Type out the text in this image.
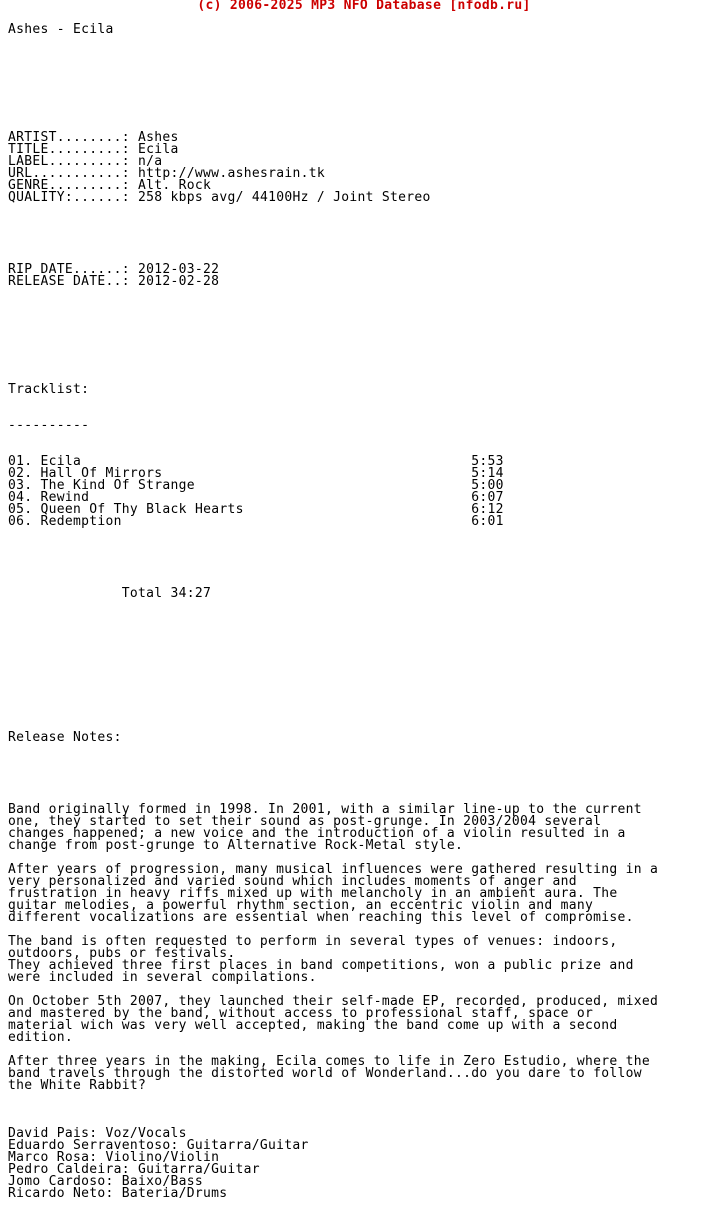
(c) 2006-2025 MP3 NFO Database [nfodb.ru]

Ashes - Ecila

ARTIST........: Ashes
TITLE.........: Ecila
LABEL.........: n/a
URL...........: http://www.ashesrain.tk
GENRE.........: Alt. Rock
QUALITY:......: 258 kbps avg/ 44100Hz / Joint Stereo

RIP DATE......: 2012-03-22
RELEASE DATE..: 2012-02-28

Tracklist:

----------

01. Ecila	5:53
02. Hall Of Mirrors	5:14
03. The Kind Of Strange	5:00
04. Rewind	6:07
05. Queen Of Thy Black Hearts	6:12
06. Redemption	6:01

Total 34:27

Release Notes:

Band originally formed in 1998. In 2001, with a similar line-up to the current
one, they started to set their sound as post-grunge. In 2003/2004 several
changes happened; a new voice and the introduction of a violin resulted in a
change from post-grunge to Alternative Rock-Metal style.
After years of progression, many musical influences were gathered resulting in a
very personalized and varied sound which includes moments of anger and
frustration in heavy riffs mixed up with melancholy in an ambient aura. The
guitar melodies, a powerful rhythm section, an eccentric violin and many
different vocalizations are essential when reaching this level of compromise.
The band is often requested to perform in several types of venues: indoors,
outdoors, pubs or festivals.
They achieved three first places in band competitions, won a public prize and
were included in several compilations.
On October 5th 2007, they launched their self-made EP, recorded, produced, mixed
and mastered by the band, without access to professional staff, space or
material wich was very well accepted, making the band come up with a second
edition.
After three years in the making, Ecila comes to life in Zero Estudio, where the
band travels through the distorted world of Wonderland...do you dare to follow
the White Rabbit?

David Pais: Voz/Vocals
Eduardo Serraventoso: Guitarra/Guitar
Marco Rosa: Violino/Violin
Pedro Caldeira: Guitarra/Guitar
Jomo Cardoso: Baixo/Bass
Ricardo Neto: Bateria/Drums
